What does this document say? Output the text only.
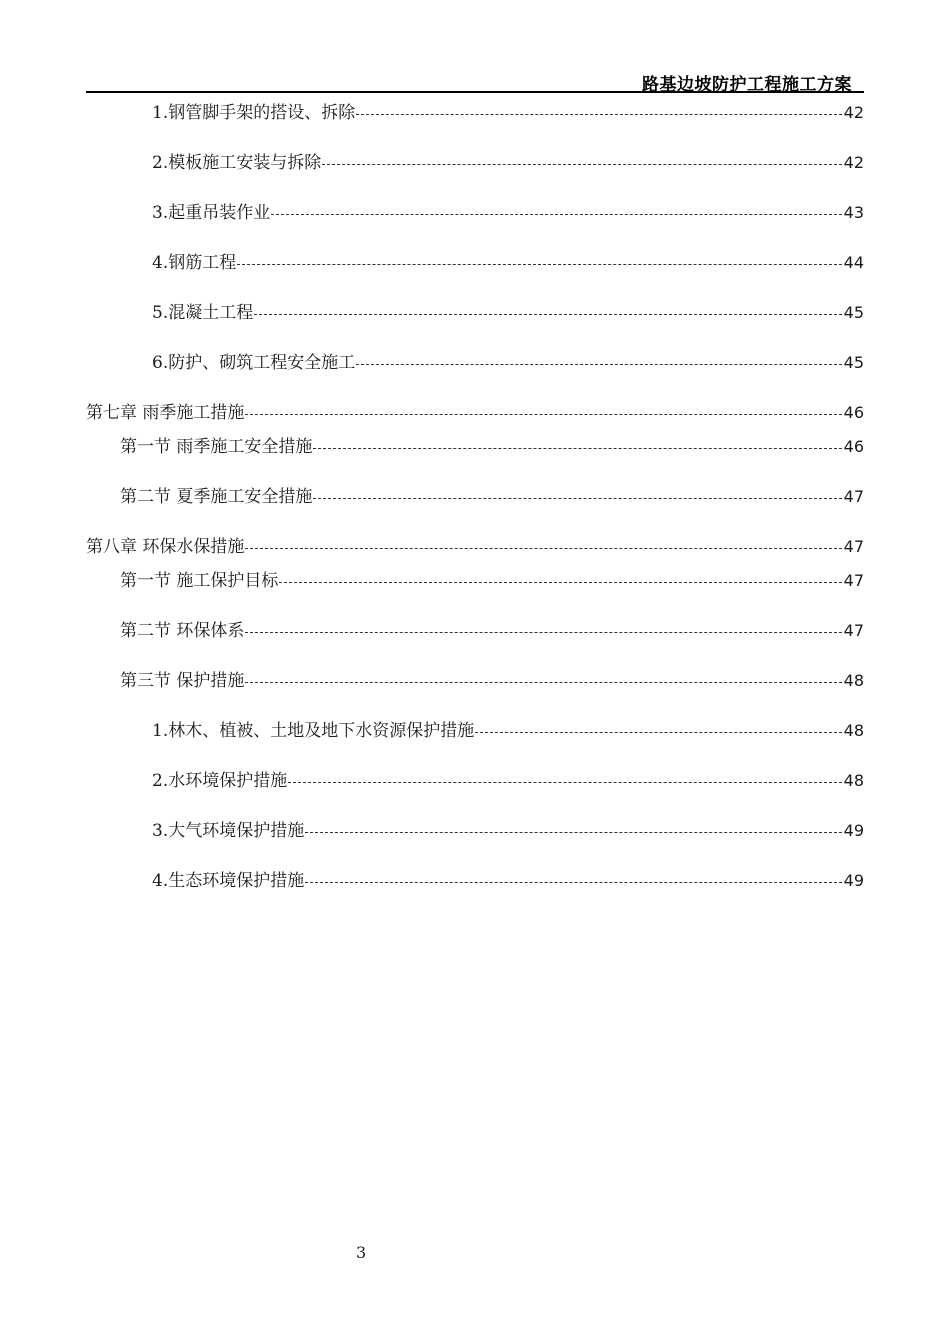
路基边坡防护工程施工方案
1.钢管脚手架的搭设、拆除	42
2.模板施工安装与拆除	42
3.起重吊装作业	43
4.钢筋工程	44
5.混凝土工程	45
6.防护、砌筑工程安全施工	45
第七章 雨季施工措施	46
第一节 雨季施工安全措施	46
第二节 夏季施工安全措施	47
第八章 环保水保措施	47
第一节 施工保护目标	47
第二节 环保体系	47
第三节 保护措施	48
1.林木、植被、土地及地下水资源保护措施	48
2.水环境保护措施	48
3.大气环境保护措施	49
4.生态环境保护措施	49
3
